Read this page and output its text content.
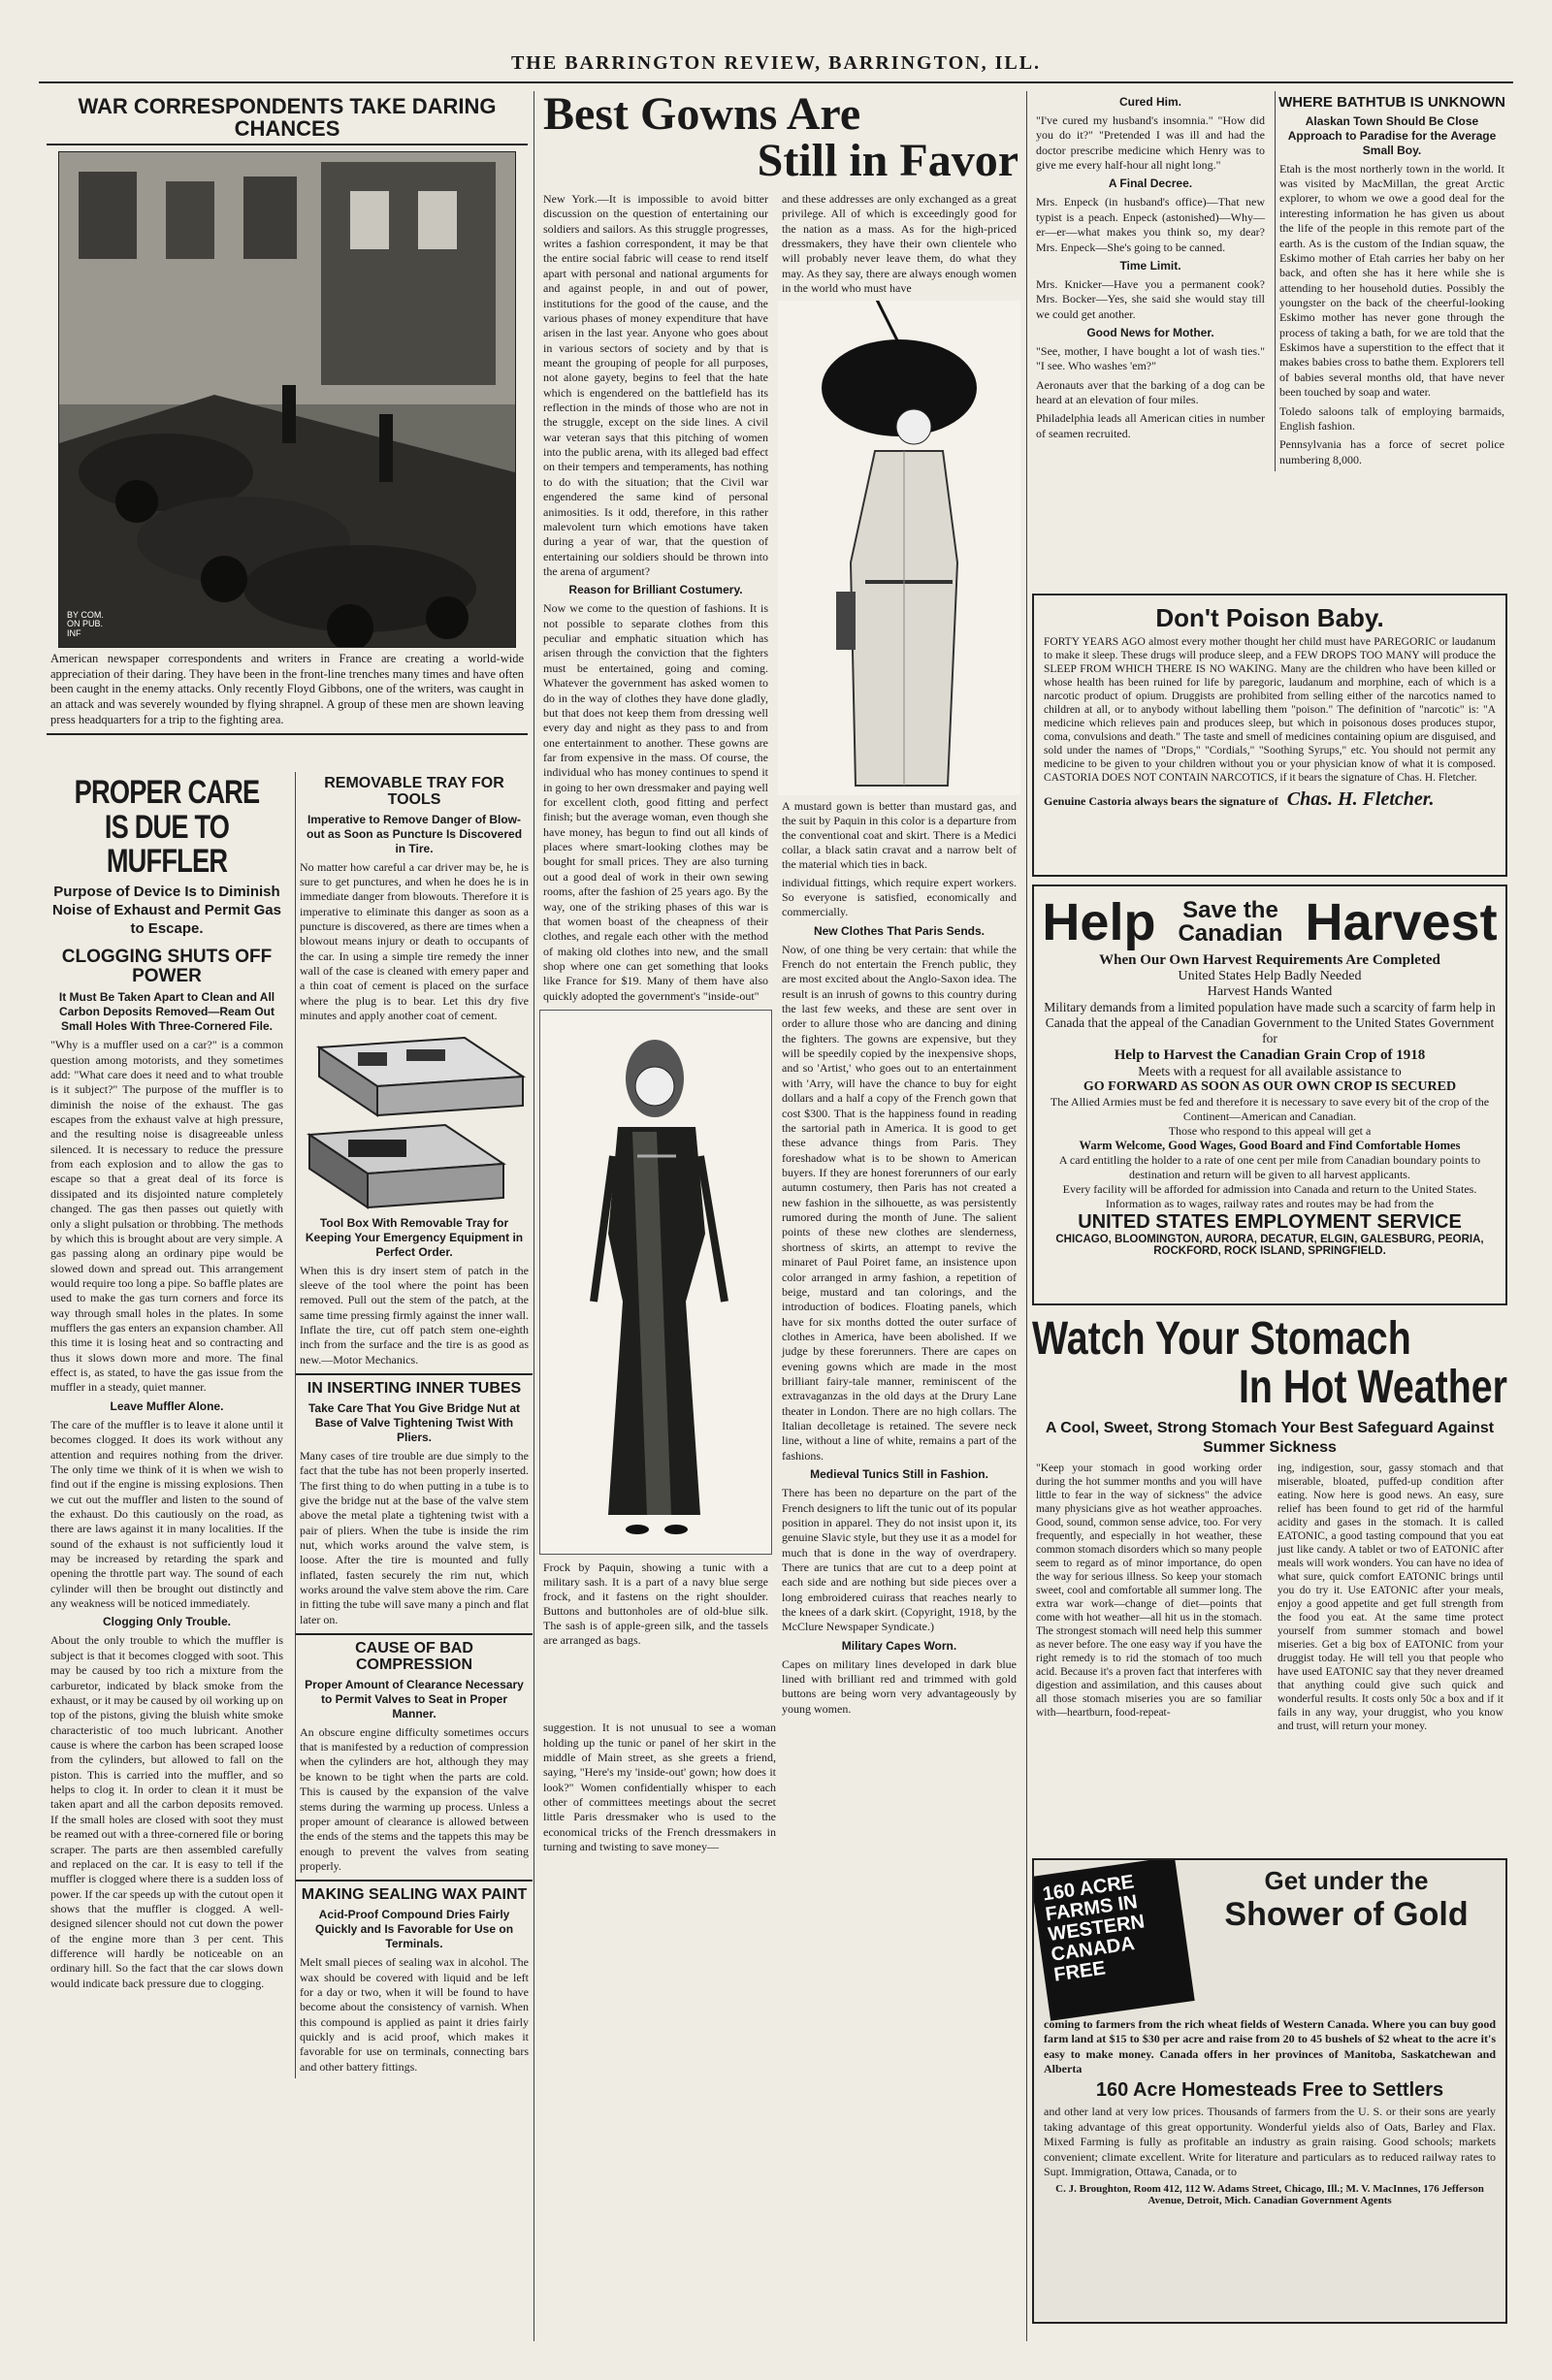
THE BARRINGTON REVIEW, BARRINGTON, ILL.
WAR CORRESPONDENTS TAKE DARING CHANCES
BY COM. ON PUB. INF
American newspaper correspondents and writers in France are creating a world-wide appreciation of their daring. They have been in the front-line trenches many times and have often been caught in the enemy attacks. Only recently Floyd Gibbons, one of the writers, was caught in an attack and was severely wounded by flying shrapnel. A group of these men are shown leaving press headquarters for a trip to the fighting area.
PROPER CARE IS DUE TO MUFFLER
Purpose of Device Is to Diminish Noise of Exhaust and Permit Gas to Escape.
CLOGGING SHUTS OFF POWER
It Must Be Taken Apart to Clean and All Carbon Deposits Removed—Ream Out Small Holes With Three-Cornered File.
"Why is a muffler used on a car?" is a common question among motorists, and they sometimes add: "What care does it need and to what trouble is it subject?" The purpose of the muffler is to diminish the noise of the exhaust. The gas escapes from the exhaust valve at high pressure, and the resulting noise is disagreeable unless silenced. It is necessary to reduce the pressure from each explosion and to allow the gas to escape so that a great deal of its force is dissipated and its disjointed nature completely changed. The gas then passes out quietly with only a slight pulsation or throbbing. The methods by which this is brought about are very simple. A gas passing along an ordinary pipe would be slowed down and spread out. This arrangement would require too long a pipe. So baffle plates are used to make the gas turn corners and force its way through small holes in the plates. In some mufflers the gas enters an expansion chamber. All this time it is losing heat and so contracting and thus it slows down more and more. The final effect is, as stated, to have the gas issue from the muffler in a steady, quiet manner.
Leave Muffler Alone.
The care of the muffler is to leave it alone until it becomes clogged. It does its work without any attention and requires nothing from the driver. The only time we think of it is when we wish to find out if the engine is missing explosions. Then we cut out the muffler and listen to the sound of the exhaust. Do this cautiously on the road, as there are laws against it in many localities. If the sound of the exhaust is not sufficiently loud it may be increased by retarding the spark and opening the throttle part way. The sound of each cylinder will then be brought out distinctly and any weakness will be noticed immediately.
Clogging Only Trouble.
About the only trouble to which the muffler is subject is that it becomes clogged with soot. This may be caused by too rich a mixture from the carburetor, indicated by black smoke from the exhaust, or it may be caused by oil working up on top of the pistons, giving the bluish white smoke characteristic of too much lubricant. Another cause is where the carbon has been scraped loose from the cylinders, but allowed to fall on the piston. This is carried into the muffler, and so helps to clog it. In order to clean it it must be taken apart and all the carbon deposits removed. If the small holes are closed with soot they must be reamed out with a three-cornered file or boring scraper. The parts are then assembled carefully and replaced on the car. It is easy to tell if the muffler is clogged where there is a sudden loss of power. If the car speeds up with the cutout open it shows that the muffler is clogged. A well-designed silencer should not cut down the power of the engine more than 3 per cent. This difference will hardly be noticeable on an ordinary hill. So the fact that the car slows down would indicate back pressure due to clogging.
REMOVABLE TRAY FOR TOOLS
Imperative to Remove Danger of Blow-out as Soon as Puncture Is Discovered in Tire.
No matter how careful a car driver may be, he is sure to get punctures, and when he does he is in immediate danger from blowouts. Therefore it is imperative to eliminate this danger as soon as a puncture is discovered, as there are times when a blowout means injury or death to occupants of the car. In using a simple tire remedy the inner wall of the case is cleaned with emery paper and a thin coat of cement is placed on the surface where the plug is to bear. Let this dry five minutes and apply another coat of cement.
Tool Box With Removable Tray for Keeping Your Emergency Equipment in Perfect Order.
When this is dry insert stem of patch in the sleeve of the tool where the point has been removed. Pull out the stem of the patch, at the same time pressing firmly against the inner wall. Inflate the tire, cut off patch stem one-eighth inch from the surface and the tire is as good as new.—Motor Mechanics.
IN INSERTING INNER TUBES
Take Care That You Give Bridge Nut at Base of Valve Tightening Twist With Pliers.
Many cases of tire trouble are due simply to the fact that the tube has not been properly inserted. The first thing to do when putting in a tube is to give the bridge nut at the base of the valve stem above the metal plate a tightening twist with a pair of pliers. When the tube is inside the rim nut, which works around the valve stem, is loose. After the tire is mounted and fully inflated, fasten securely the rim nut, which works around the valve stem above the rim. Care in fitting the tube will save many a pinch and flat later on.
CAUSE OF BAD COMPRESSION
Proper Amount of Clearance Necessary to Permit Valves to Seat in Proper Manner.
An obscure engine difficulty sometimes occurs that is manifested by a reduction of compression when the cylinders are hot, although they may be known to be tight when the parts are cold. This is caused by the expansion of the valve stems during the warming up process. Unless a proper amount of clearance is allowed between the ends of the stems and the tappets this may be enough to prevent the valves from seating properly.
MAKING SEALING WAX PAINT
Acid-Proof Compound Dries Fairly Quickly and Is Favorable for Use on Terminals.
Melt small pieces of sealing wax in alcohol. The wax should be covered with liquid and be left for a day or two, when it will be found to have become about the consistency of varnish. When this compound is applied as paint it dries fairly quickly and is acid proof, which makes it favorable for use on terminals, connecting bars and other battery fittings.
Best Gowns Are
Still in Favor
New York.—It is impossible to avoid bitter discussion on the question of entertaining our soldiers and sailors. As this struggle progresses, writes a fashion correspondent, it may be that the entire social fabric will cease to rend itself apart with personal and national arguments for and against people, in and out of power, institutions for the good of the cause, and the various phases of money expenditure that have arisen in the last year. Anyone who goes about in various sectors of society and by that is meant the grouping of people for all purposes, not alone gayety, begins to feel that the hate which is engendered on the battlefield has its reflection in the minds of those who are not in the struggle, except on the side lines. A civil war veteran says that this pitching of women into the public arena, with its alleged bad effect on their tempers and temperaments, has nothing to do with the situation; that the Civil war engendered the same kind of personal animosities. Is it odd, therefore, in this rather malevolent turn which emotions have taken during a year of war, that the question of entertaining our soldiers should be thrown into the arena of argument?
Reason for Brilliant Costumery.
Now we come to the question of fashions. It is not possible to separate clothes from this peculiar and emphatic situation which has arisen through the conviction that the fighters must be entertained, going and coming. Whatever the government has asked women to do in the way of clothes they have done gladly, but that does not keep them from dressing well every day and night as they pass to and from one entertainment to another. These gowns are far from expensive in the mass. Of course, the individual who has money continues to spend it in going to her own dressmaker and paying well for excellent cloth, good fitting and perfect finish; but the average woman, even though she have money, has begun to find out all kinds of places where smart-looking clothes may be bought for small prices. They are also turning out a good deal of work in their own sewing rooms, after the fashion of 25 years ago. By the way, one of the striking phases of this war is that women boast of the cheapness of their clothes, and regale each other with the method of making old clothes into new, and the small shop where one can get something that looks like France for $19. Many of them have also quickly adopted the government's "inside-out"
Frock by Paquin, showing a tunic with a military sash. It is a part of a navy blue serge frock, and it fastens on the right shoulder. Buttons and buttonholes are of old-blue silk. The sash is of apple-green silk, and the tassels are arranged as bags.
and these addresses are only exchanged as a great privilege. All of which is exceedingly good for the nation as a mass. As for the high-priced dressmakers, they have their own clientele who will probably never leave them, do what they may. As they say, there are always enough women in the world who must have
A mustard gown is better than mustard gas, and the suit by Paquin in this color is a departure from the conventional coat and skirt. There is a Medici collar, a black satin cravat and a narrow belt of the material which ties in back.
individual fittings, which require expert workers. So everyone is satisfied, economically and commercially.
New Clothes That Paris Sends.
Now, of one thing be very certain: that while the French do not entertain the French public, they are most excited about the Anglo-Saxon idea. The result is an inrush of gowns to this country during the last few weeks, and these are sent over in order to allure those who are dancing and dining the fighters. The gowns are expensive, but they will be speedily copied by the inexpensive shops, and so 'Artist,' who goes out to an entertainment with 'Arry, will have the chance to buy for eight dollars and a half a copy of the French gown that cost $300. That is the happiness found in reading the sartorial path in America. It is good to get these advance things from Paris. They foreshadow what is to be shown to American buyers. If they are honest forerunners of our early autumn costumery, then Paris has not created a new fashion in the silhouette, as was persistently rumored during the month of June. The salient points of these new clothes are slenderness, shortness of skirts, an attempt to revive the minaret of Paul Poiret fame, an insistence upon color arranged in army fashion, a repetition of beige, mustard and tan colorings, and the introduction of bodices. Floating panels, which have for six months dotted the outer surface of clothes in America, have been abolished. If we judge by these forerunners. There are capes on evening gowns which are made in the most brilliant fairy-tale manner, reminiscent of the extravaganzas in the old days at the Drury Lane theater in London. There are no high collars. The Italian decolletage is retained. The severe neck line, without a line of white, remains a part of the fashions.
Medieval Tunics Still in Fashion.
There has been no departure on the part of the French designers to lift the tunic out of its popular position in apparel. They do not insist upon it, its genuine Slavic style, but they use it as a model for much that is done in the way of overdrapery. There are tunics that are cut to a deep point at each side and are nothing but side pieces over a long embroidered cuirass that reaches nearly to the knees of a dark skirt. (Copyright, 1918, by the McClure Newspaper Syndicate.)
Military Capes Worn.
Capes on military lines developed in dark blue lined with brilliant red and trimmed with gold buttons are being worn very advantageously by young women.
suggestion. It is not unusual to see a woman holding up the tunic or panel of her skirt in the middle of Main street, as she greets a friend, saying, "Here's my 'inside-out' gown; how does it look?" Women confidentially whisper to each other of committees meetings about the secret little Paris dressmaker who is used to the economical tricks of the French dressmakers in turning and twisting to save money—
Cured Him.
"I've cured my husband's insomnia." "How did you do it?" "Pretended I was ill and had the doctor prescribe medicine which Henry was to give me every half-hour all night long."
A Final Decree.
Mrs. Enpeck (in husband's office)—That new typist is a peach. Enpeck (astonished)—Why—er—er—what makes you think so, my dear? Mrs. Enpeck—She's going to be canned.
Time Limit.
Mrs. Knicker—Have you a permanent cook? Mrs. Bocker—Yes, she said she would stay till we could get another.
Good News for Mother.
"See, mother, I have bought a lot of wash ties." "I see. Who washes 'em?"
Aeronauts aver that the barking of a dog can be heard at an elevation of four miles.
Philadelphia leads all American cities in number of seamen recruited.
WHERE BATHTUB IS UNKNOWN
Alaskan Town Should Be Close Approach to Paradise for the Average Small Boy.
Etah is the most northerly town in the world. It was visited by MacMillan, the great Arctic explorer, to whom we owe a good deal for the interesting information he has given us about the life of the people in this remote part of the earth. As is the custom of the Indian squaw, the Eskimo mother of Etah carries her baby on her back, and often she has it here while she is attending to her household duties. Possibly the youngster on the back of the cheerful-looking Eskimo mother has never gone through the process of taking a bath, for we are told that the Eskimos have a superstition to the effect that it makes babies cross to bathe them. Explorers tell of babies several months old, that have never been touched by soap and water.
Toledo saloons talk of employing barmaids, English fashion.
Pennsylvania has a force of secret police numbering 8,000.
Don't Poison Baby.
FORTY YEARS AGO almost every mother thought her child must have PAREGORIC or laudanum to make it sleep. These drugs will produce sleep, and a FEW DROPS TOO MANY will produce the SLEEP FROM WHICH THERE IS NO WAKING. Many are the children who have been killed or whose health has been ruined for life by paregoric, laudanum and morphine, each of which is a narcotic product of opium. Druggists are prohibited from selling either of the narcotics named to children at all, or to anybody without labelling them "poison." The definition of "narcotic" is: "A medicine which relieves pain and produces sleep, but which in poisonous doses produces stupor, coma, convulsions and death." The taste and smell of medicines containing opium are disguised, and sold under the names of "Drops," "Cordials," "Soothing Syrups," etc. You should not permit any medicine to be given to your children without you or your physician know of what it is composed. CASTORIA DOES NOT CONTAIN NARCOTICS, if it bears the signature of Chas. H. Fletcher.
Genuine Castoria always bears the signature of Chas. H. Fletcher.
Help	Save the Canadian Harvest
When Our Own Harvest Requirements Are Completed
United States Help Badly Needed
Harvest Hands Wanted
Military demands from a limited population have made such a scarcity of farm help in Canada that the appeal of the Canadian Government to the United States Government for
Help to Harvest the Canadian Grain Crop of 1918
Meets with a request for all available assistance to
GO FORWARD AS SOON AS OUR OWN CROP IS SECURED
The Allied Armies must be fed and therefore it is necessary to save every bit of the crop of the Continent—American and Canadian.
Those who respond to this appeal will get a
Warm Welcome, Good Wages, Good Board and Find Comfortable Homes
A card entitling the holder to a rate of one cent per mile from Canadian boundary points to destination and return will be given to all harvest applicants.
Every facility will be afforded for admission into Canada and return to the United States.
Information as to wages, railway rates and routes may be had from the
UNITED STATES EMPLOYMENT SERVICE
CHICAGO, BLOOMINGTON, AURORA, DECATUR, ELGIN, GALESBURG, PEORIA, ROCKFORD, ROCK ISLAND, SPRINGFIELD.
Watch Your Stomach
In Hot Weather
A Cool, Sweet, Strong Stomach Your Best Safeguard Against Summer Sickness
"Keep your stomach in good working order during the hot summer months and you will have little to fear in the way of sickness" the advice many physicians give as hot weather approaches. Good, sound, common sense advice, too. For very frequently, and especially in hot weather, these common stomach disorders which so many people seem to regard as of minor importance, do open the way for serious illness. So keep your stomach sweet, cool and comfortable all summer long. The extra war work—change of diet—points that come with hot weather—all hit us in the stomach. The strongest stomach will need help this summer as never before. The one easy way if you have the right remedy is to rid the stomach of too much acid. Because it's a proven fact that interferes with digestion and assimilation, and this causes about all those stomach miseries you are so familiar with—heartburn, food-repeat-
ing, indigestion, sour, gassy stomach and that miserable, bloated, puffed-up condition after eating. Now here is good news. An easy, sure relief has been found to get rid of the harmful acidity and gases in the stomach. It is called EATONIC, a good tasting compound that you eat just like candy. A tablet or two of EATONIC after meals will work wonders. You can have no idea of what sure, quick comfort EATONIC brings until you do try it. Use EATONIC after your meals, enjoy a good appetite and get full strength from the food you eat. At the same time protect yourself from summer stomach and bowel miseries. Get a big box of EATONIC from your druggist today. He will tell you that people who have used EATONIC say that they never dreamed that anything could give such quick and wonderful results. It costs only 50c a box and if it fails in any way, your druggist, who you know and trust, will return your money.
160 ACRE FARMS IN WESTERN CANADA FREE
Get under the
Shower of Gold
coming to farmers from the rich wheat fields of Western Canada. Where you can buy good farm land at $15 to $30 per acre and raise from 20 to 45 bushels of $2 wheat to the acre it's easy to make money. Canada offers in her provinces of Manitoba, Saskatchewan and Alberta
160 Acre Homesteads Free to Settlers
and other land at very low prices. Thousands of farmers from the U. S. or their sons are yearly taking advantage of this great opportunity. Wonderful yields also of Oats, Barley and Flax. Mixed Farming is fully as profitable an industry as grain raising. Good schools; markets convenient; climate excellent. Write for literature and particulars as to reduced railway rates to Supt. Immigration, Ottawa, Canada, or to
C. J. Broughton, Room 412, 112 W. Adams Street, Chicago, Ill.; M. V. MacInnes, 176 Jefferson Avenue, Detroit, Mich. Canadian Government Agents
